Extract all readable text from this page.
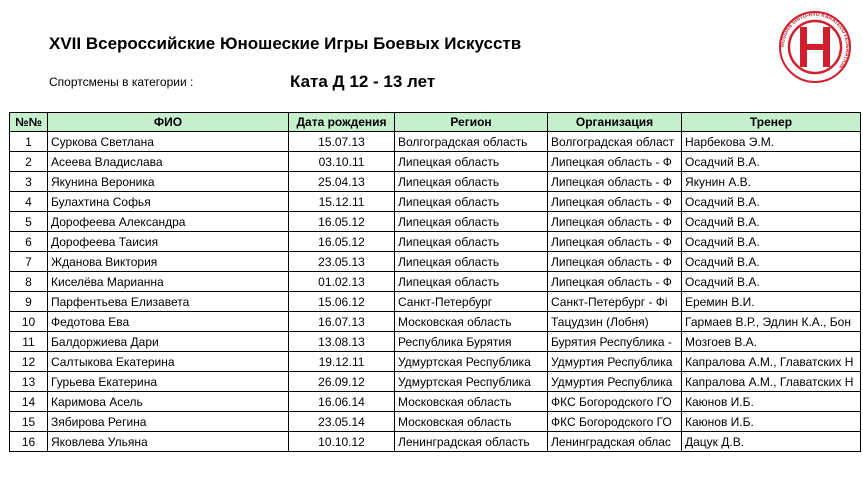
XVII Всероссийские Юношеские Игры Боевых Искусств
Спортсмены в категории :	Ката Д 12 - 13 лет
RUSSIAN SHITO-RYU KARATEDO FEDERATION
空手道
№№	ФИО	Дата рождения	Регион	Организация	Тренер
1	Суркова Светлана	15.07.13	Волгоградская область	Волгоградская област	Нарбекова Э.М.
2	Асеева Владислава	03.10.11	Липецкая область	Липецкая область - Ф	Осадчий В.А.
3	Якунина Вероника	25.04.13	Липецкая область	Липецкая область - Ф	Якунин А.В.
4	Булахтина Софья	15.12.11	Липецкая область	Липецкая область - Ф	Осадчий В.А.
5	Дорофеева Александра	16.05.12	Липецкая область	Липецкая область - Ф	Осадчий В.А.
6	Дорофеева Таисия	16.05.12	Липецкая область	Липецкая область - Ф	Осадчий В.А.
7	Жданова Виктория	23.05.13	Липецкая область	Липецкая область - Ф	Осадчий В.А.
8	Киселёва Марианна	01.02.13	Липецкая область	Липецкая область - Ф	Осадчий В.А.
9	Парфентьева Елизавета	15.06.12	Санкт-Петербург	Санкт-Петербург - Фі	Еремин В.И.
10	Федотова Ева	16.07.13	Московская область	Тацудзин (Лобня)	Гармаев В.Р., Эдлин К.А., Бон
11	Балдоржиева Дари	13.08.13	Республика Бурятия	Бурятия Республика -	Мозгоев В.А.
12	Салтыкова Екатерина	19.12.11	Удмуртская Республика	Удмуртия Республика	Капралова А.М., Главатских Н
13	Гурьева Екатерина	26.09.12	Удмуртская Республика	Удмуртия Республика	Капралова А.М., Главатских Н
14	Каримова Асель	16.06.14	Московская область	ФКС Богородского ГО	Каюнов И.Б.
15	Зябирова Регина	23.05.14	Московская область	ФКС Богородского ГО	Каюнов И.Б.
16	Яковлева Ульяна	10.10.12	Ленинградская область	Ленинградская облас	Дацук Д.В.
